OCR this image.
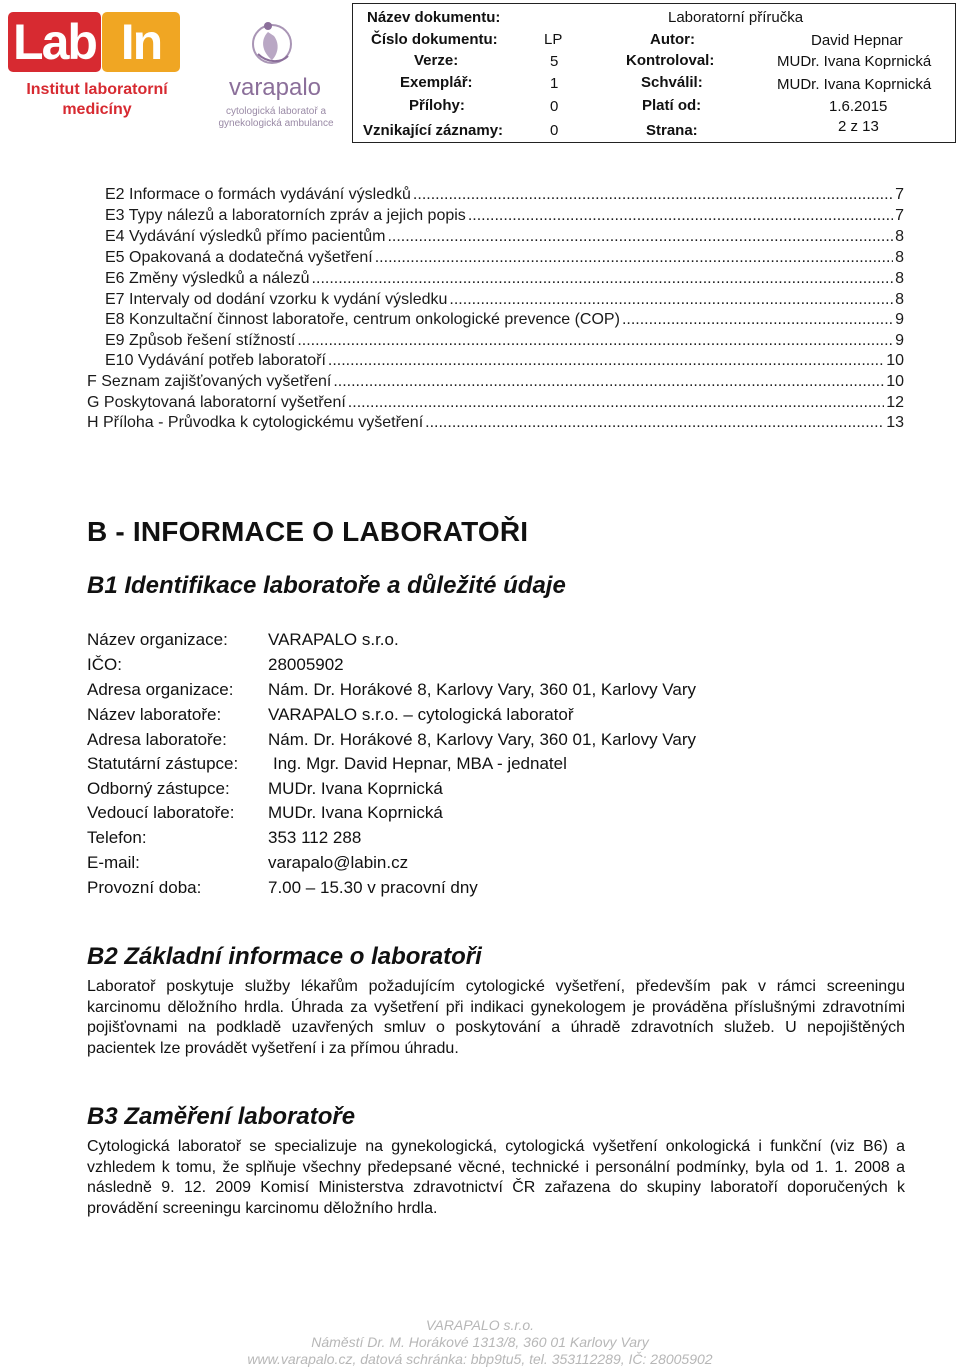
Lab In
Institut laboratorní medicíny
varapalo
cytologická laboratoř a gynekologická ambulance
Název dokumentu:	Laboratorní příručka
Číslo dokumentu:	LP	Autor:	David Hepnar
Verze:	5	Kontroloval:	MUDr. Ivana Koprnická
Exemplář:	1	Schválil:	MUDr. Ivana Koprnická
Přílohy:	0	Platí od:	1.6.2015
Vznikající záznamy:	0	Strana:	2 z 13
E2 Informace o formách vydávání výsledků .....	7
E3 Typy nálezů a laboratorních zpráv a jejich popis .....	7
E4 Vydávání výsledků přímo pacientům .....	8
E5 Opakovaná a dodatečná vyšetření .....	8
E6 Změny výsledků a nálezů .....	8
E7 Intervaly od dodání vzorku k vydání výsledku .....	8
E8 Konzultační činnost laboratoře, centrum onkologické prevence (COP) .....	9
E9 Způsob řešení stížností .....	9
E10 Vydávání potřeb laboratoří .....	10
F Seznam zajišťovaných vyšetření .....	10
G Poskytovaná laboratorní vyšetření .....	12
H Příloha - Průvodka k cytologickému vyšetření .....	13
B - INFORMACE O LABORATOŘI
B1 Identifikace laboratoře a důležité údaje
Název organizace: VARAPALO s.r.o.
IČO:	28005902
Adresa organizace: Nám. Dr. Horákové 8, Karlovy Vary, 360 01, Karlovy Vary
Název laboratoře:	VARAPALO s.r.o. – cytologická laboratoř
Adresa laboratoře: Nám. Dr. Horákové 8, Karlovy Vary, 360 01, Karlovy Vary
Statutární zástupce: Ing. Mgr. David Hepnar, MBA - jednatel
Odborný zástupce: MUDr. Ivana Koprnická
Vedoucí laboratoře: MUDr. Ivana Koprnická
Telefon:	353 112 288
E-mail:	varapalo@labin.cz
Provozní doba:	7.00 – 15.30 v pracovní dny
B2 Základní informace o laboratoři
Laboratoř poskytuje služby lékařům požadujícím cytologické vyšetření, především pak v rámci screeningu karcinomu děložního hrdla. Úhrada za vyšetření při indikaci gynekologem je prováděna příslušnými zdravotními pojišťovnami na podkladě uzavřených smluv o poskytování a úhradě zdravotních služeb. U nepojištěných pacientek lze provádět vyšetření i za přímou úhradu.
B3 Zaměření laboratoře
Cytologická laboratoř se specializuje na gynekologická, cytologická vyšetření onkologická i funkční (viz B6) a vzhledem k tomu, že splňuje všechny předepsané věcné, technické i personální podmínky, byla od 1. 1. 2008 a následně 9. 12. 2009 Komisí Ministerstva zdravotnictví ČR zařazena do skupiny laboratoří doporučených k provádění screeningu karcinomu děložního hrdla.
VARAPALO s.r.o.
Náměstí Dr. M. Horákové 1313/8, 360 01 Karlovy Vary
www.varapalo.cz, datová schránka: bbp9tu5, tel. 353112289, IČ: 28005902
